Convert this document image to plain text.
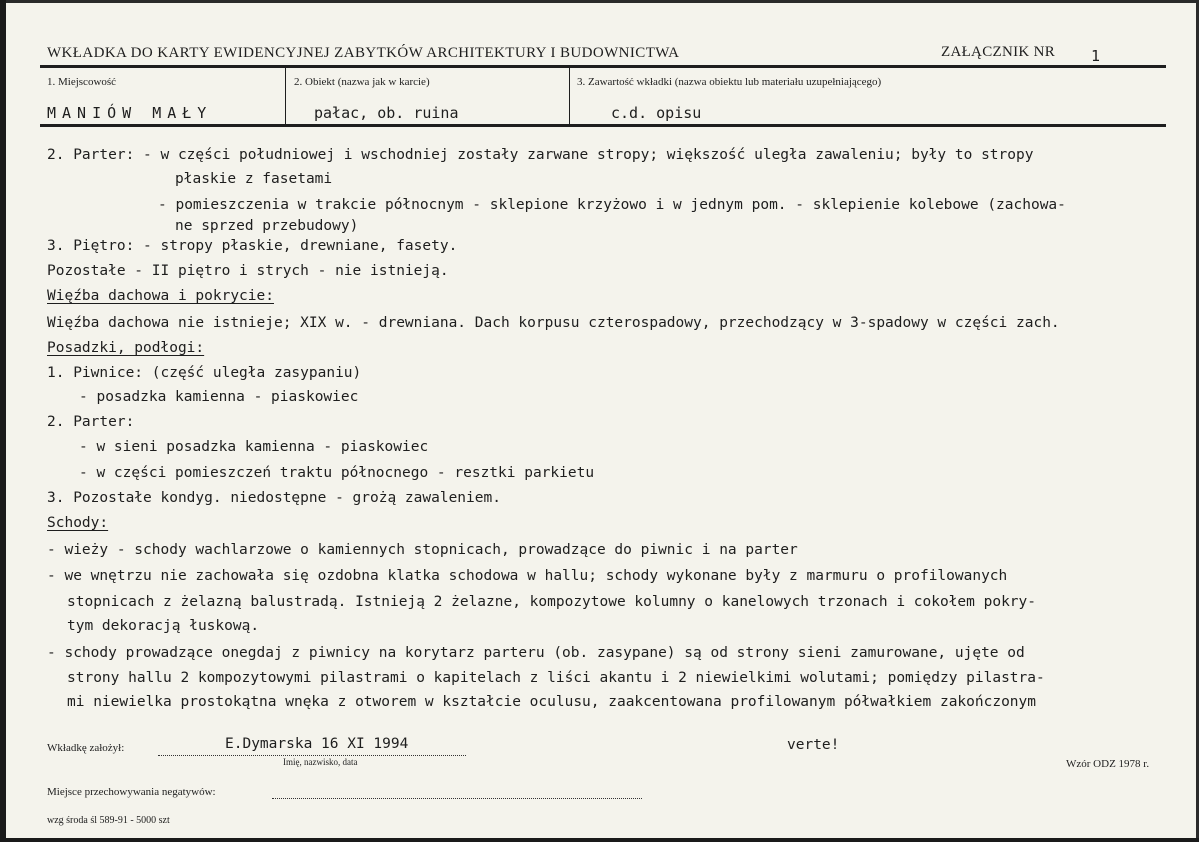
WKŁADKA DO KARTY EWIDENCYJNEJ ZABYTKÓW ARCHITEKTURY I BUDOWNICTWA	ZAŁĄCZNIK NR 1
1. Miejscowość	2. Obiekt (nazwa jak w karcie)	3. Zawartość wkładki (nazwa obiektu lub materiału uzupełniającego)
MANIÓW MAŁY	pałac, ob. ruina	c.d. opisu
2. Parter: - w części południowej i wschodniej zostały zarwane stropy; większość uległa zawaleniu; były to stropy
płaskie z fasetami
- pomieszczenia w trakcie północnym - sklepione krzyżowo i w jednym pom. - sklepienie kolebowe (zachowa-
ne sprzed przebudowy)
3. Piętro: - stropy płaskie, drewniane, fasety.
Pozostałe - II piętro i strych - nie istnieją.
Więźba dachowa i pokrycie:
Więźba dachowa nie istnieje; XIX w. - drewniana. Dach korpusu czterospadowy, przechodzący w 3-spadowy w części zach.
Posadzki, podłogi:
1. Piwnice: (część uległa zasypaniu)
- posadzka kamienna - piaskowiec
2. Parter:
- w sieni posadzka kamienna - piaskowiec
- w części pomieszczeń traktu północnego - resztki parkietu
3. Pozostałe kondyg. niedostępne - grożą zawaleniem.
Schody:
- wieży - schody wachlarzowe o kamiennych stopnicach, prowadzące do piwnic i na parter
- we wnętrzu nie zachowała się ozdobna klatka schodowa w hallu; schody wykonane były z marmuru o profilowanych
stopnicach z żelazną balustradą. Istnieją 2 żelazne, kompozytowe kolumny o kanelowych trzonach i cokołem pokry-
tym dekoracją łuskową.
- schody prowadzące onegdaj z piwnicy na korytarz parteru (ob. zasypane) są od strony sieni zamurowane, ujęte od
strony hallu 2 kompozytowymi pilastrami o kapitelach z liści akantu i 2 niewielkimi wolutami; pomiędzy pilastra-
mi niewielka prostokątna wnęka z otworem w kształcie oculusu, zaakcentowana profilowanym półwałkiem zakończonym
Wkładkę założył:	E.Dymarska 16 XI 1994
Imię, nazwisko, data
verte!
Wzór ODZ 1978 r.
Miejsce przechowywania negatywów:
wzg środa śl 589-91 - 5000 szt
